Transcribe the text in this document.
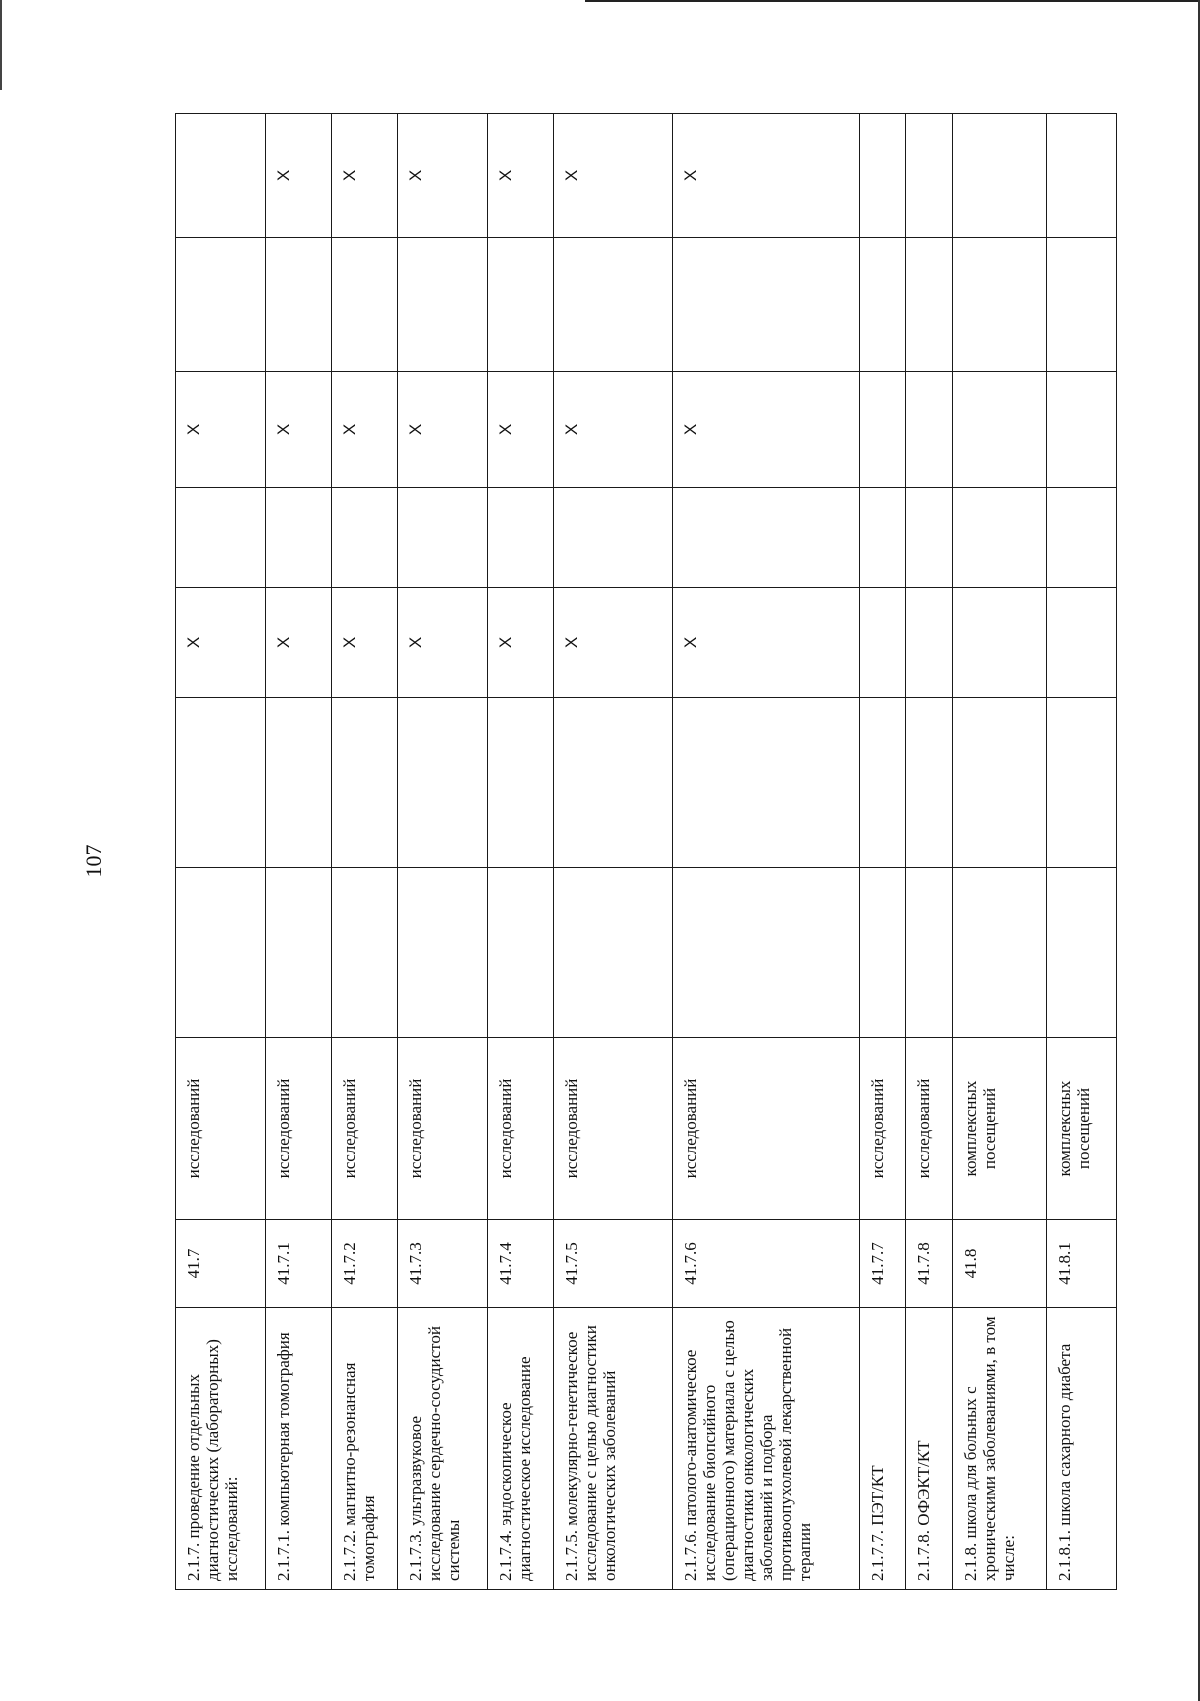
107
2.1.7. проведение отдельных диагностических (лабораторных) исследований:	41.7	исследований			X		X		
2.1.7.1. компьютерная томография	41.7.1	исследований			X		X		X
2.1.7.2. магнитно-резонансная томография	41.7.2	исследований			X		X		X
2.1.7.3. ультразвуковое исследование сердечно-сосудистой системы	41.7.3	исследований			X		X		X
2.1.7.4. эндоскопическое диагностическое исследование	41.7.4	исследований			X		X		X
2.1.7.5. молекулярно-генетическое исследование с целью диагностики онкологических заболеваний	41.7.5	исследований			X		X		X
2.1.7.6. патолого-анатомическое исследование биопсийного (операционного) материала с целью диагностики онкологических заболеваний и подбора противоопухолевой лекарственной терапии	41.7.6	исследований			X		X		X
2.1.7.7. ПЭТ/КТ	41.7.7	исследований							
2.1.7.8. ОФЭКТ/КТ	41.7.8	исследований							
2.1.8. школа для больных с хроническими заболеваниями, в том числе:	41.8	комплексных посещений							
2.1.8.1. школа сахарного диабета	41.8.1	комплексных посещений							
